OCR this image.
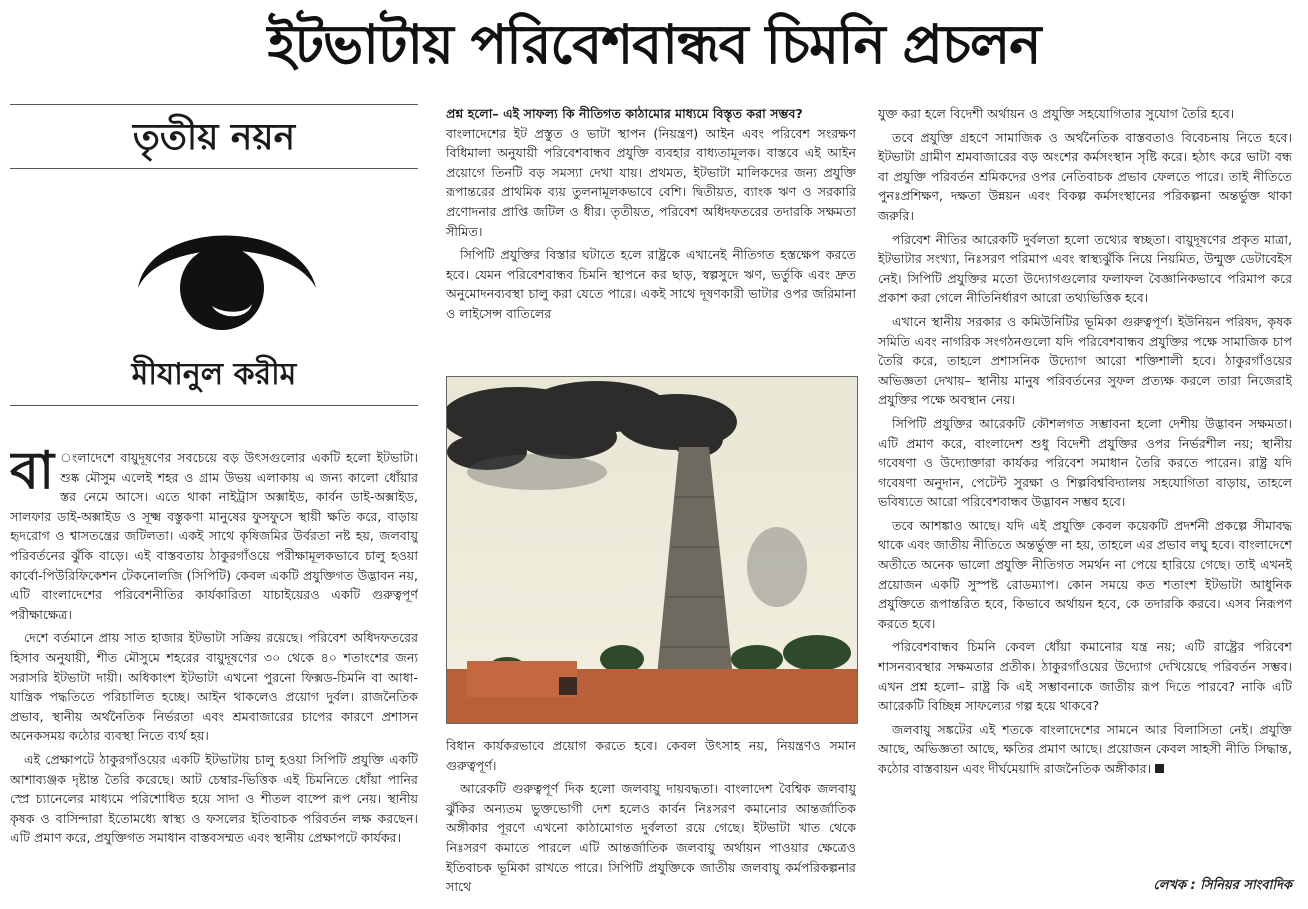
ইটভাটায় পরিবেশবান্ধব চিমনি প্রচলন
তৃতীয় নয়ন
মীযানুল করীম

বা ংলাদেশে বায়ুদূষণের সবচেয়ে বড় উৎসগুলোর একটি হলো ইটভাটা। শুষ্ক মৌসুম এলেই শহর ও গ্রাম উভয় এলাকায় এ জন্য কালো ধোঁয়ার স্তর নেমে আসে। এতে থাকা নাইট্রাস অক্সাইড, কার্বন ডাই-অক্সাইড, সালফার ডাই-অক্সাইড ও সূক্ষ্ম বস্তুকণা মানুষের ফুসফুসে স্থায়ী ক্ষতি করে, বাড়ায় হৃদরোগ ও শ্বাসতন্ত্রের জটিলতা। একই সাথে কৃষিজমির উর্বরতা নষ্ট হয়, জলবায়ু পরিবর্তনের ঝুঁকি বাড়ে। এই বাস্তবতায় ঠাকুরগাঁওয়ে পরীক্ষামূলকভাবে চালু হওয়া কার্বো-পিউরিফিকেশন টেকনোলজি (সিপিটি) কেবল একটি প্রযুক্তিগত উদ্ভাবন নয়, এটি বাংলাদেশের পরিবেশনীতির কার্যকারিতা যাচাইয়েরও একটি গুরুত্বপূর্ণ পরীক্ষাক্ষেত্র।

দেশে বর্তমানে প্রায় সাত হাজার ইটভাটা সক্রিয় রয়েছে। পরিবেশ অধিদফতরের হিসাব অনুযায়ী, শীত মৌসুমে শহরের বায়ুদূষণের ৩০ থেকে ৪০ শতাংশের জন্য সরাসরি ইটভাটা দায়ী। অধিকাংশ ইটভাটা এখনো পুরনো ফিক্সড-চিমনি বা আধা-যান্ত্রিক পদ্ধতিতে পরিচালিত হচ্ছে। আইন থাকলেও প্রয়োগ দুর্বল। রাজনৈতিক প্রভাব, স্থানীয় অর্থনৈতিক নির্ভরতা এবং শ্রমবাজারের চাপের কারণে প্রশাসন অনেকসময় কঠোর ব্যবস্থা নিতে ব্যর্থ হয়।

এই প্রেক্ষাপটে ঠাকুরগাঁওয়ের একটি ইটভাটায় চালু হওয়া সিপিটি প্রযুক্তি একটি আশাব্যঞ্জক দৃষ্টান্ত তৈরি করেছে। আট চেম্বার-ভিত্তিক এই চিমনিতে ধোঁয়া পানির স্প্রে চ্যানেলের মাধ্যমে পরিশোধিত হয়ে সাদা ও শীতল বাষ্পে রূপ নেয়। স্থানীয় কৃষক ও বাসিন্দারা ইতোমধ্যে স্বাস্থ্য ও ফসলের ইতিবাচক পরিবর্তন লক্ষ করছেন। এটি প্রমাণ করে, প্রযুক্তিগত সমাধান বাস্তবসম্মত এবং স্থানীয় প্রেক্ষাপটে কার্যকর।

প্রশ্ন হলো– এই সাফল্য কি নীতিগত কাঠামোর মাধ্যমে বিস্তৃত করা সম্ভব?

বাংলাদেশের ইট প্রস্তুত ও ভাটা স্থাপন (নিয়ন্ত্রণ) আইন এবং পরিবেশ সংরক্ষণ বিধিমালা অনুযায়ী পরিবেশবান্ধব প্রযুক্তি ব্যবহার বাধ্যতামূলক। বাস্তবে এই আইন প্রয়োগে তিনটি বড় সমস্যা দেখা যায়। প্রথমত, ইটভাটা মালিকদের জন্য প্রযুক্তি রূপান্তরের প্রাথমিক ব্যয় তুলনামূলকভাবে বেশি। দ্বিতীয়ত, ব্যাংক ঋণ ও সরকারি প্রণোদনার প্রাপ্তি জটিল ও ধীর। তৃতীয়ত, পরিবেশ অধিদফতরের তদারকি সক্ষমতা সীমিত।

সিপিটি প্রযুক্তির বিস্তার ঘটাতে হলে রাষ্ট্রকে এখানেই নীতিগত হস্তক্ষেপ করতে হবে। যেমন পরিবেশবান্ধব চিমনি স্থাপনে কর ছাড়, স্বল্পসুদে ঋণ, ভর্তুকি এবং দ্রুত অনুমোদনব্যবস্থা চালু করা যেতে পারে। একই সাথে দূষণকারী ভাটার ওপর জরিমানা ও লাইসেন্স বাতিলের

বিধান কার্যকরভাবে প্রয়োগ করতে হবে। কেবল উৎসাহ নয়, নিয়ন্ত্রণও সমান গুরুত্বপূর্ণ।

আরেকটি গুরুত্বপূর্ণ দিক হলো জলবায়ু দায়বদ্ধতা। বাংলাদেশ বৈশ্বিক জলবায়ু ঝুঁকির অন্যতম ভুক্তভোগী দেশ হলেও কার্বন নিঃসরণ কমানোর আন্তর্জাতিক অঙ্গীকার পূরণে এখনো কাঠামোগত দুর্বলতা রয়ে গেছে। ইটভাটা খাত থেকে নিঃসরণ কমাতে পারলে এটি আন্তর্জাতিক জলবায়ু অর্থায়ন পাওয়ার ক্ষেত্রেও ইতিবাচক ভূমিকা রাখতে পারে। সিপিটি প্রযুক্তিকে জাতীয় জলবায়ু কর্মপরিকল্পনার সাথে

যুক্ত করা হলে বিদেশী অর্থায়ন ও প্রযুক্তি সহযোগিতার সুযোগ তৈরি হবে।

তবে প্রযুক্তি গ্রহণে সামাজিক ও অর্থনৈতিক বাস্তবতাও বিবেচনায় নিতে হবে। ইটভাটা গ্রামীণ শ্রমবাজারের বড় অংশের কর্মসংস্থান সৃষ্টি করে। হঠাৎ করে ভাটা বন্ধ বা প্রযুক্তি পরিবর্তন শ্রমিকদের ওপর নেতিবাচক প্রভাব ফেলতে পারে। তাই নীতিতে পুনঃপ্রশিক্ষণ, দক্ষতা উন্নয়ন এবং বিকল্প কর্মসংস্থানের পরিকল্পনা অন্তর্ভুক্ত থাকা জরুরি।

পরিবেশ নীতির আরেকটি দুর্বলতা হলো তথ্যের স্বচ্ছতা। বায়ুদূষণের প্রকৃত মাত্রা, ইটভাটার সংখ্যা, নিঃসরণ পরিমাপ এবং স্বাস্থ্যঝুঁকি নিয়ে নিয়মিত, উন্মুক্ত ডেটাবেইস নেই। সিপিটি প্রযুক্তির মতো উদ্যোগগুলোর ফলাফল বৈজ্ঞানিকভাবে পরিমাপ করে প্রকাশ করা গেলে নীতিনির্ধারণ আরো তথ্যভিত্তিক হবে।

এখানে স্থানীয় সরকার ও কমিউনিটির ভূমিকা গুরুত্বপূর্ণ। ইউনিয়ন পরিষদ, কৃষক সমিতি এবং নাগরিক সংগঠনগুলো যদি পরিবেশবান্ধব প্রযুক্তির পক্ষে সামাজিক চাপ তৈরি করে, তাহলে প্রশাসনিক উদ্যোগ আরো শক্তিশালী হবে। ঠাকুরগাঁওয়ের অভিজ্ঞতা দেখায়– স্থানীয় মানুষ পরিবর্তনের সুফল প্রত্যক্ষ করলে তারা নিজেরাই প্রযুক্তির পক্ষে অবস্থান নেয়।

সিপিটি প্রযুক্তির আরেকটি কৌশলগত সম্ভাবনা হলো দেশীয় উদ্ভাবন সক্ষমতা। এটি প্রমাণ করে, বাংলাদেশ শুধু বিদেশী প্রযুক্তির ওপর নির্ভরশীল নয়; স্থানীয় গবেষণা ও উদ্যোক্তারা কার্যকর পরিবেশ সমাধান তৈরি করতে পারেন। রাষ্ট্র যদি গবেষণা অনুদান, পেটেন্ট সুরক্ষা ও শিল্পবিশ্ববিদ্যালয় সহযোগিতা বাড়ায়, তাহলে ভবিষ্যতে আরো পরিবেশবান্ধব উদ্ভাবন সম্ভব হবে।

তবে আশঙ্কাও আছে। যদি এই প্রযুক্তি কেবল কয়েকটি প্রদর্শনী প্রকল্পে সীমাবদ্ধ থাকে এবং জাতীয় নীতিতে অন্তর্ভুক্ত না হয়, তাহলে এর প্রভাব লঘু হবে। বাংলাদেশে অতীতে অনেক ভালো প্রযুক্তি নীতিগত সমর্থন না পেয়ে হারিয়ে গেছে। তাই এখনই প্রয়োজন একটি সুস্পষ্ট রোডম্যাপ। কোন সময়ে কত শতাংশ ইটভাটা আধুনিক প্রযুক্তিতে রূপান্তরিত হবে, কিভাবে অর্থায়ন হবে, কে তদারকি করবে। এসব নিরূপণ করতে হবে।

পরিবেশবান্ধব চিমনি কেবল ধোঁয়া কমানোর যন্ত্র নয়; এটি রাষ্ট্রের পরিবেশ শাসনব্যবস্থার সক্ষমতার প্রতীক। ঠাকুরগাঁওয়ের উদ্যোগ দেখিয়েছে পরিবর্তন সম্ভব। এখন প্রশ্ন হলো– রাষ্ট্র কি এই সম্ভাবনাকে জাতীয় রূপ দিতে পারবে? নাকি এটি আরেকটি বিচ্ছিন্ন সাফল্যের গল্প হয়ে থাকবে?

জলবায়ু সঙ্কটের এই শতকে বাংলাদেশের সামনে আর বিলাসিতা নেই। প্রযুক্তি আছে, অভিজ্ঞতা আছে, ক্ষতির প্রমাণ আছে। প্রয়োজন কেবল সাহসী নীতি সিদ্ধান্ত, কঠোর বাস্তবায়ন এবং দীর্ঘমেয়াদি রাজনৈতিক অঙ্গীকার।

লেখক : সিনিয়র সাংবাদিক
